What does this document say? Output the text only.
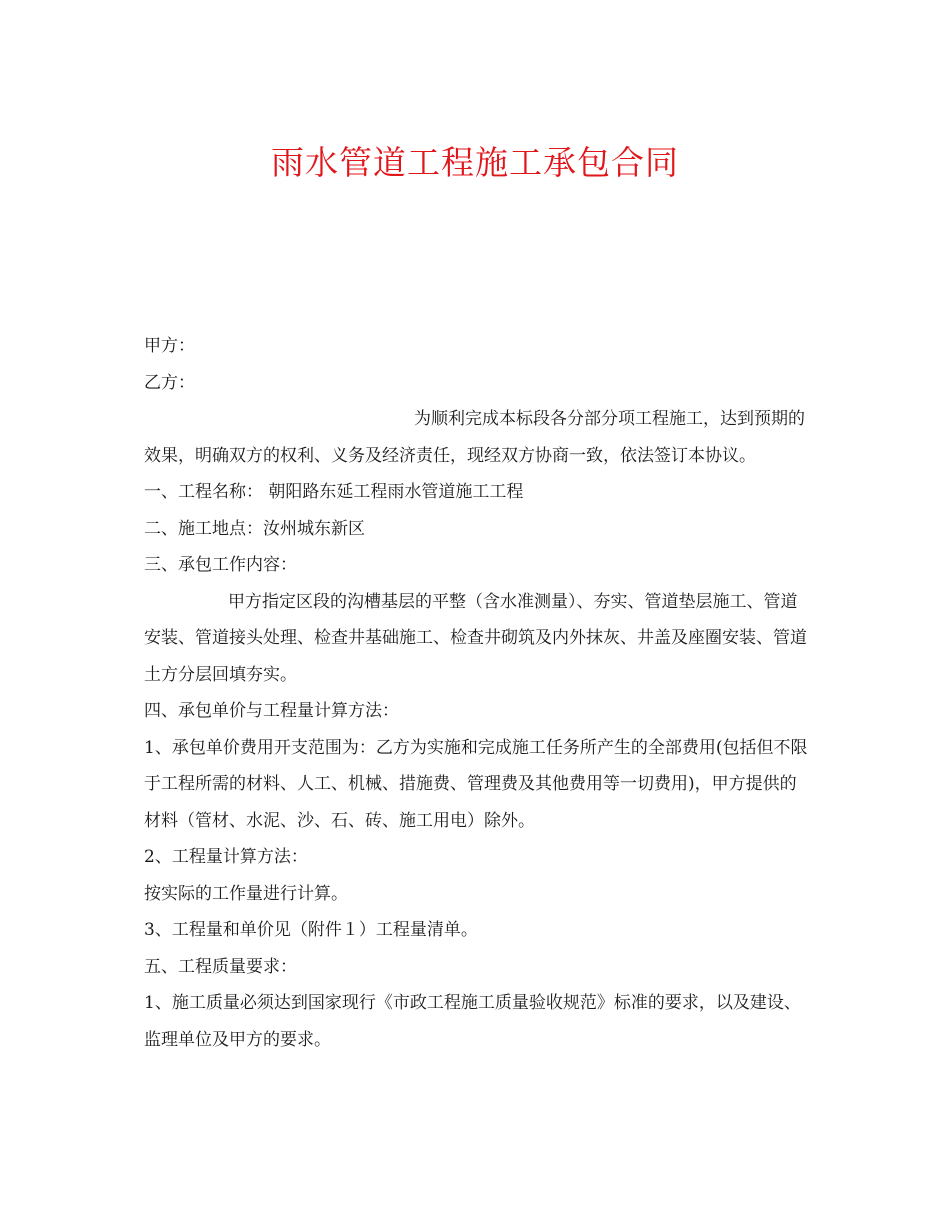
雨水管道工程施工承包合同

甲方：

乙方：

为顺利完成本标段各分部分项工程施工，达到预期的效果，明确双方的权利、义务及经济责任，现经双方协商一致，依法签订本协议。

一、工程名称： 朝阳路东延工程雨水管道施工工程

二、施工地点：汝州城东新区

三、承包工作内容：

甲方指定区段的沟槽基层的平整（含水准测量）、夯实、管道垫层施工、管道安装、管道接头处理、检查井基础施工、检查井砌筑及内外抹灰、井盖及座圈安装、管道土方分层回填夯实。

四、承包单价与工程量计算方法：

1、承包单价费用开支范围为：乙方为实施和完成施工任务所产生的全部费用(包括但不限于工程所需的材料、人工、机械、措施费、管理费及其他费用等一切费用)，甲方提供的材料（管材、水泥、沙、石、砖、施工用电）除外。

2、工程量计算方法：

按实际的工作量进行计算。

3、工程量和单价见（附件１）工程量清单。

五、工程质量要求：

1、施工质量必须达到国家现行《市政工程施工质量验收规范》标准的要求，以及建设、监理单位及甲方的要求。
